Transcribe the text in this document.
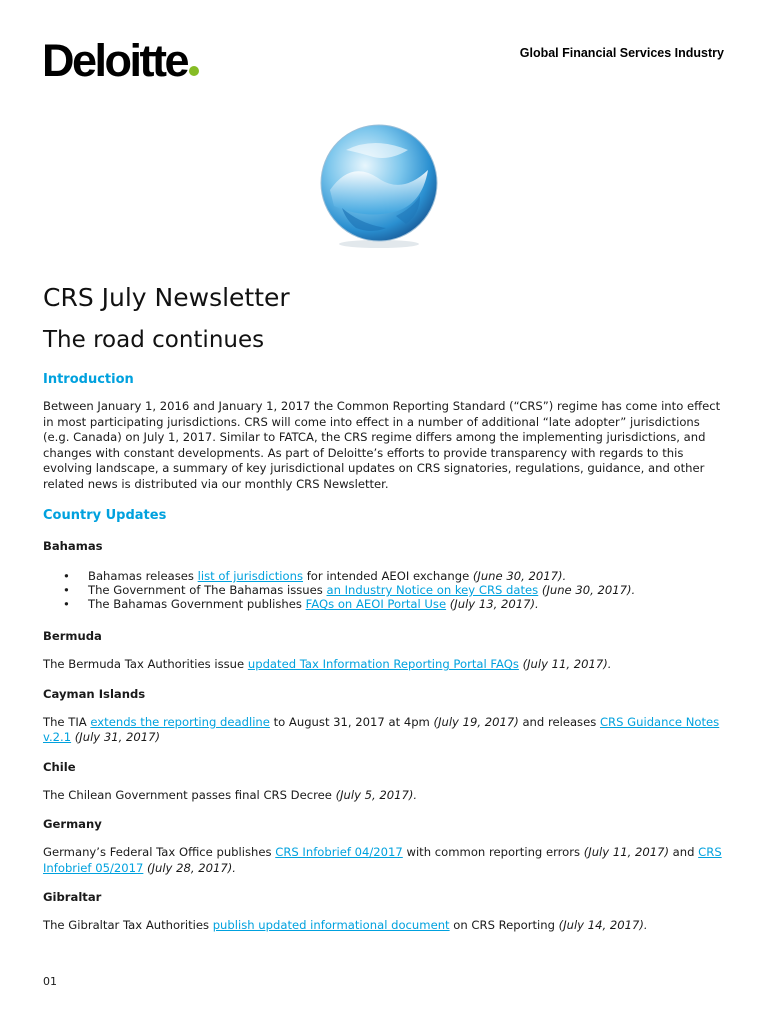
Deloitte	Global Financial Services Industry
CRS July Newsletter
The road continues
Introduction

Between January 1, 2016 and January 1, 2017 the Common Reporting Standard (“CRS”) regime has come into effect in most participating jurisdictions. CRS will come into effect in a number of additional “late adopter” jurisdictions (e.g. Canada) on July 1, 2017. Similar to FATCA, the CRS regime differs among the implementing jurisdictions, and changes with constant developments. As part of Deloitte’s efforts to provide transparency with regards to this evolving landscape, a summary of key jurisdictional updates on CRS signatories, regulations, guidance, and other related news is distributed via our monthly CRS Newsletter.

Country Updates
Bahamas
• Bahamas releases list of jurisdictions for intended AEOI exchange (June 30, 2017).
• The Government of The Bahamas issues an Industry Notice on key CRS dates (June 30, 2017).
• The Bahamas Government publishes FAQs on AEOI Portal Use (July 13, 2017).
Bermuda

The Bermuda Tax Authorities issue updated Tax Information Reporting Portal FAQs (July 11, 2017).

Cayman Islands

The TIA extends the reporting deadline to August 31, 2017 at 4pm (July 19, 2017) and releases CRS Guidance Notes v.2.1 (July 31, 2017)

Chile

The Chilean Government passes final CRS Decree (July 5, 2017).

Germany

Germany’s Federal Tax Office publishes CRS Infobrief 04/2017 with common reporting errors (July 11, 2017) and CRS Infobrief 05/2017 (July 28, 2017).

Gibraltar

The Gibraltar Tax Authorities publish updated informational document on CRS Reporting (July 14, 2017).

01
